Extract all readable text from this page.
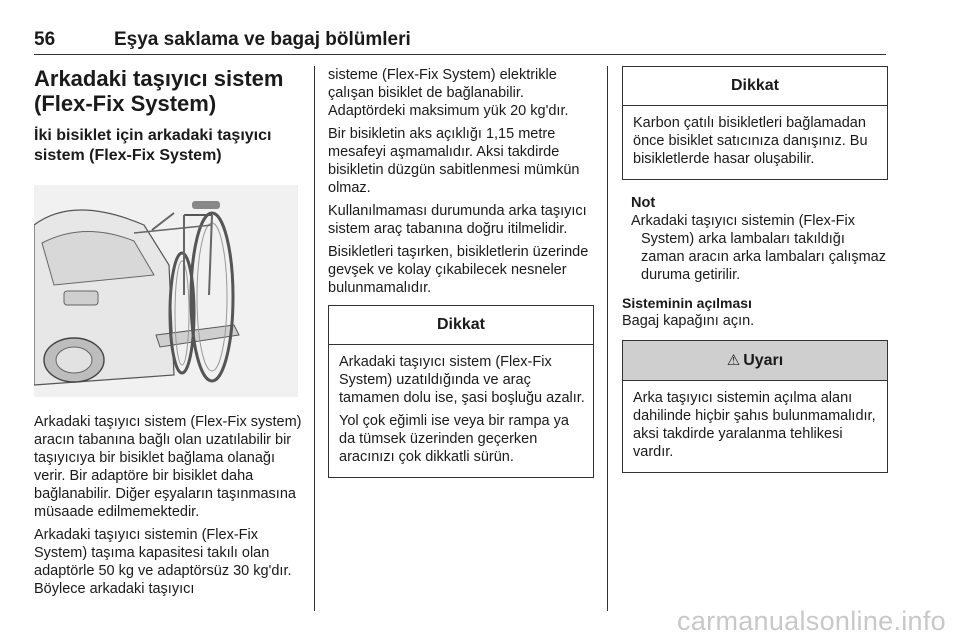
56	Eşya saklama ve bagaj bölümleri
Arkadaki taşıyıcı sistem (Flex-Fix System)
İki bisiklet için arkadaki taşıyıcı sistem (Flex-Fix System)

Arkadaki taşıyıcı sistem (Flex-Fix system) aracın tabanına bağlı olan uzatılabilir bir taşıyıcıya bir bisiklet bağlama olanağı verir. Bir adaptöre bir bisiklet daha bağlanabilir. Diğer eşyaların taşınmasına müsaade edilmemektedir.

Arkadaki taşıyıcı sistemin (Flex-Fix System) taşıma kapasitesi takılı olan adaptörle 50 kg ve adaptörsüz 30 kg'dır. Böylece arkadaki taşıyıcı

sisteme (Flex-Fix System) elektrikle çalışan bisiklet de bağlanabilir. Adaptördeki maksimum yük 20 kg'dır.

Bir bisikletin aks açıklığı 1,15 metre mesafeyi aşmamalıdır. Aksi takdirde bisikletin düzgün sabitlenmesi mümkün olmaz.

Kullanılmaması durumunda arka taşıyıcı sistem araç tabanına doğru itilmelidir.

Bisikletleri taşırken, bisikletlerin üzerinde gevşek ve kolay çıkabilecek nesneler bulunmamalıdır.

Dikkat

Arkadaki taşıyıcı sistem (Flex-Fix System) uzatıldığında ve araç tamamen dolu ise, şasi boşluğu azalır.

Yol çok eğimli ise veya bir rampa ya da tümsek üzerinden geçerken aracınızı çok dikkatli sürün.

Dikkat

Karbon çatılı bisikletleri bağlamadan önce bisiklet satıcınıza danışınız. Bu bisikletlerde hasar oluşabilir.

Not

Arkadaki taşıyıcı sistemin (Flex-Fix System) arka lambaları takıldığı zaman aracın arka lambaları çalışmaz duruma getirilir.

Sisteminin açılması

Bagaj kapağını açın.

⚠ Uyarı

Arka taşıyıcı sistemin açılma alanı dahilinde hiçbir şahıs bulunmamalıdır, aksi takdirde yaralanma tehlikesi vardır.

carmanualsonline.info
